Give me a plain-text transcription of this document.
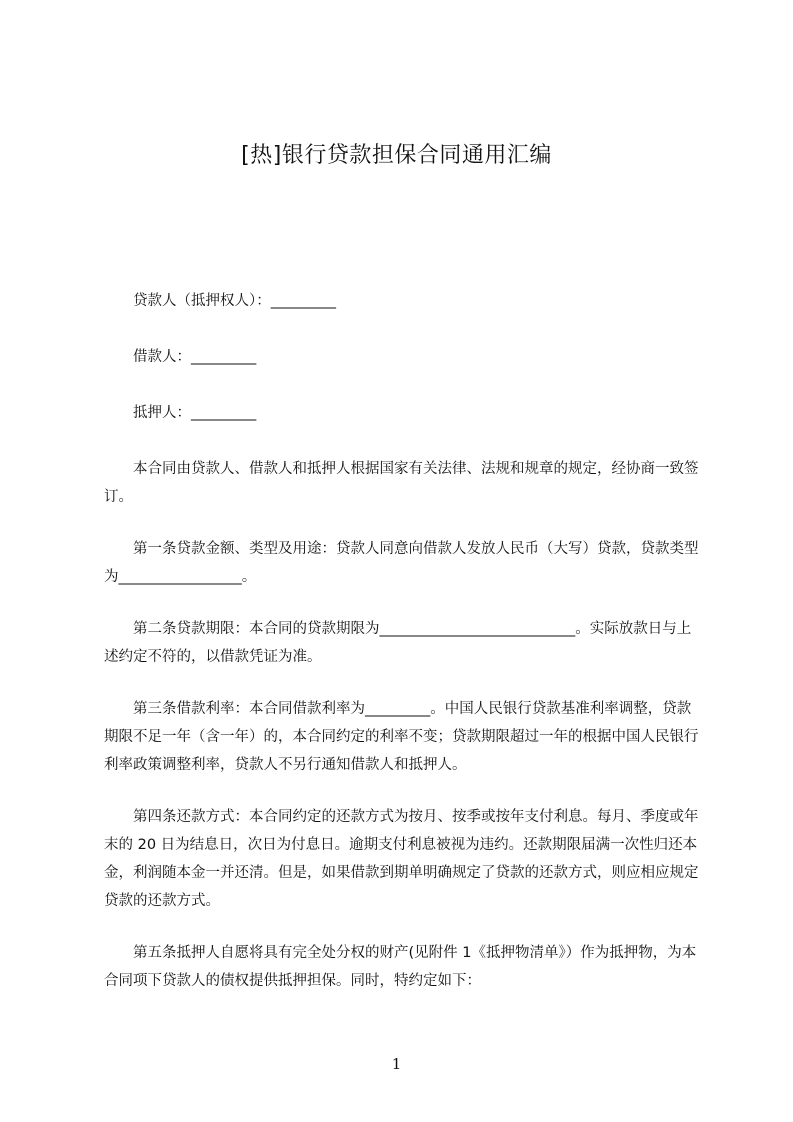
[热]银行贷款担保合同通用汇编

贷款人（抵押权人）：_________

借款人：_________

抵押人：_________

本合同由贷款人、借款人和抵押人根据国家有关法律、法规和规章的规定，经协商一致签订。

第一条贷款金额、类型及用途：贷款人同意向借款人发放人民币（大写）贷款，贷款类型为_________________。

第二条贷款期限：本合同的贷款期限为___________________________。实际放款日与上述约定不符的，以借款凭证为准。

第三条借款利率：本合同借款利率为_________。中国人民银行贷款基准利率调整，贷款期限不足一年（含一年）的，本合同约定的利率不变；贷款期限超过一年的根据中国人民银行利率政策调整利率，贷款人不另行通知借款人和抵押人。

第四条还款方式：本合同约定的还款方式为按月、按季或按年支付利息。每月、季度或年末的 20 日为结息日，次日为付息日。逾期支付利息被视为违约。还款期限届满一次性归还本金，利润随本金一并还清。但是，如果借款到期单明确规定了贷款的还款方式，则应相应规定贷款的还款方式。

第五条抵押人自愿将具有完全处分权的财产(见附件 1《抵押物清单》）作为抵押物，为本合同项下贷款人的债权提供抵押担保。同时，特约定如下：

1
